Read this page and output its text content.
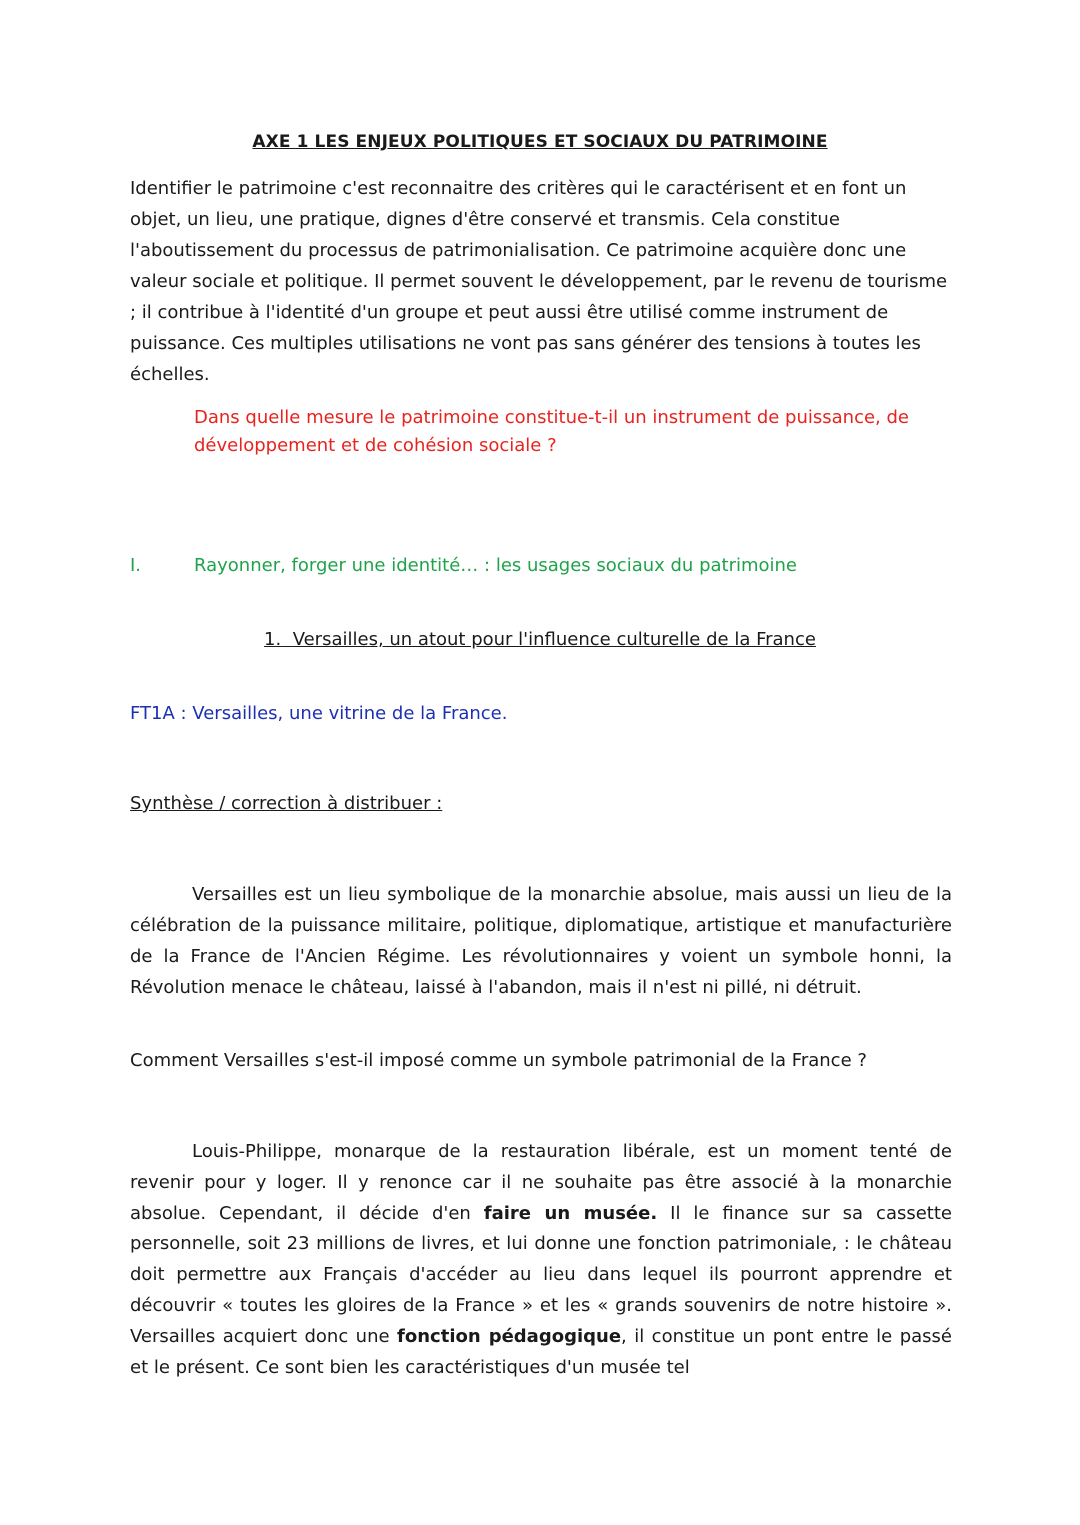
AXE 1 LES ENJEUX POLITIQUES ET SOCIAUX DU PATRIMOINE

Identifier le patrimoine c'est reconnaitre des critères qui le caractérisent et en font un objet, un lieu, une pratique, dignes d'être conservé et transmis. Cela constitue l'aboutissement du processus de patrimonialisation. Ce patrimoine acquière donc une valeur sociale et politique. Il permet souvent le développement, par le revenu de tourisme ; il contribue à l'identité d'un groupe et peut aussi être utilisé comme instrument de puissance. Ces multiples utilisations ne vont pas sans générer des tensions à toutes les échelles.

Dans quelle mesure le patrimoine constitue-t-il un instrument de puissance, de développement et de cohésion sociale ?

I.	Rayonner, forger une identité… : les usages sociaux du patrimoine

1. Versailles, un atout pour l'influence culturelle de la France

FT1A : Versailles, une vitrine de la France.

Synthèse / correction à distribuer :

Versailles est un lieu symbolique de la monarchie absolue, mais aussi un lieu de la célébration de la puissance militaire, politique, diplomatique, artistique et manufacturière de la France de l'Ancien Régime. Les révolutionnaires y voient un symbole honni, la Révolution menace le château, laissé à l'abandon, mais il n'est ni pillé, ni détruit.

Comment Versailles s'est-il imposé comme un symbole patrimonial de la France ?

Louis-Philippe, monarque de la restauration libérale, est un moment tenté de revenir pour y loger. Il y renonce car il ne souhaite pas être associé à la monarchie absolue. Cependant, il décide d'en faire un musée. Il le finance sur sa cassette personnelle, soit 23 millions de livres, et lui donne une fonction patrimoniale, : le château doit permettre aux Français d'accéder au lieu dans lequel ils pourront apprendre et découvrir « toutes les gloires de la France » et les « grands souvenirs de notre histoire ». Versailles acquiert donc une fonction pédagogique, il constitue un pont entre le passé et le présent. Ce sont bien les caractéristiques d'un musée tel
